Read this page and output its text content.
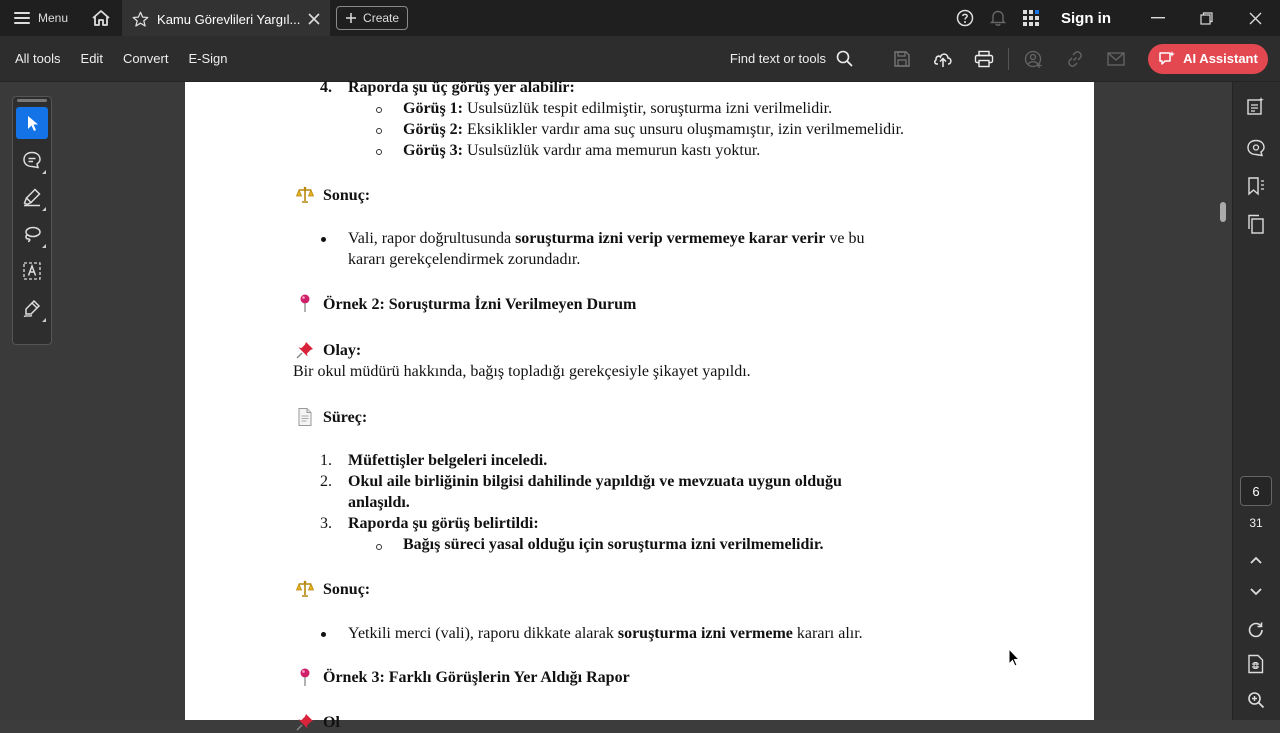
Menu	Kamu Görevlileri Yargıl...	Create	Sign in
All tools Edit Convert E-Sign	Find text or tools	AI Assistant
4. Raporda şu üç görüş yer alabilir:
Görüş 1: Usulsüzlük tespit edilmiştir, soruşturma izni verilmelidir.
Görüş 2: Eksiklikler vardır ama suç unsuru oluşmamıştır, izin verilmemelidir.
Görüş 3: Usulsüzlük vardır ama memurun kastı yoktur.
Sonuç:
Vali, rapor doğrultusunda soruşturma izni verip vermemeye karar verir ve bu
kararı gerekçelendirmek zorundadır.
Örnek 2: Soruşturma İzni Verilmeyen Durum
Olay:
Bir okul müdürü hakkında, bağış topladığı gerekçesiyle şikayet yapıldı.
Süreç:
1. Müfettişler belgeleri inceledi.
2. Okul aile birliğinin bilgisi dahilinde yapıldığı ve mevzuata uygun olduğu
anlaşıldı.
3. Raporda şu görüş belirtildi:
Bağış süreci yasal olduğu için soruşturma izni verilmemelidir.
Sonuç:
Yetkili merci (vali), raporu dikkate alarak soruşturma izni vermeme kararı alır.
Örnek 3: Farklı Görüşlerin Yer Aldığı Rapor
Ol
6
31
